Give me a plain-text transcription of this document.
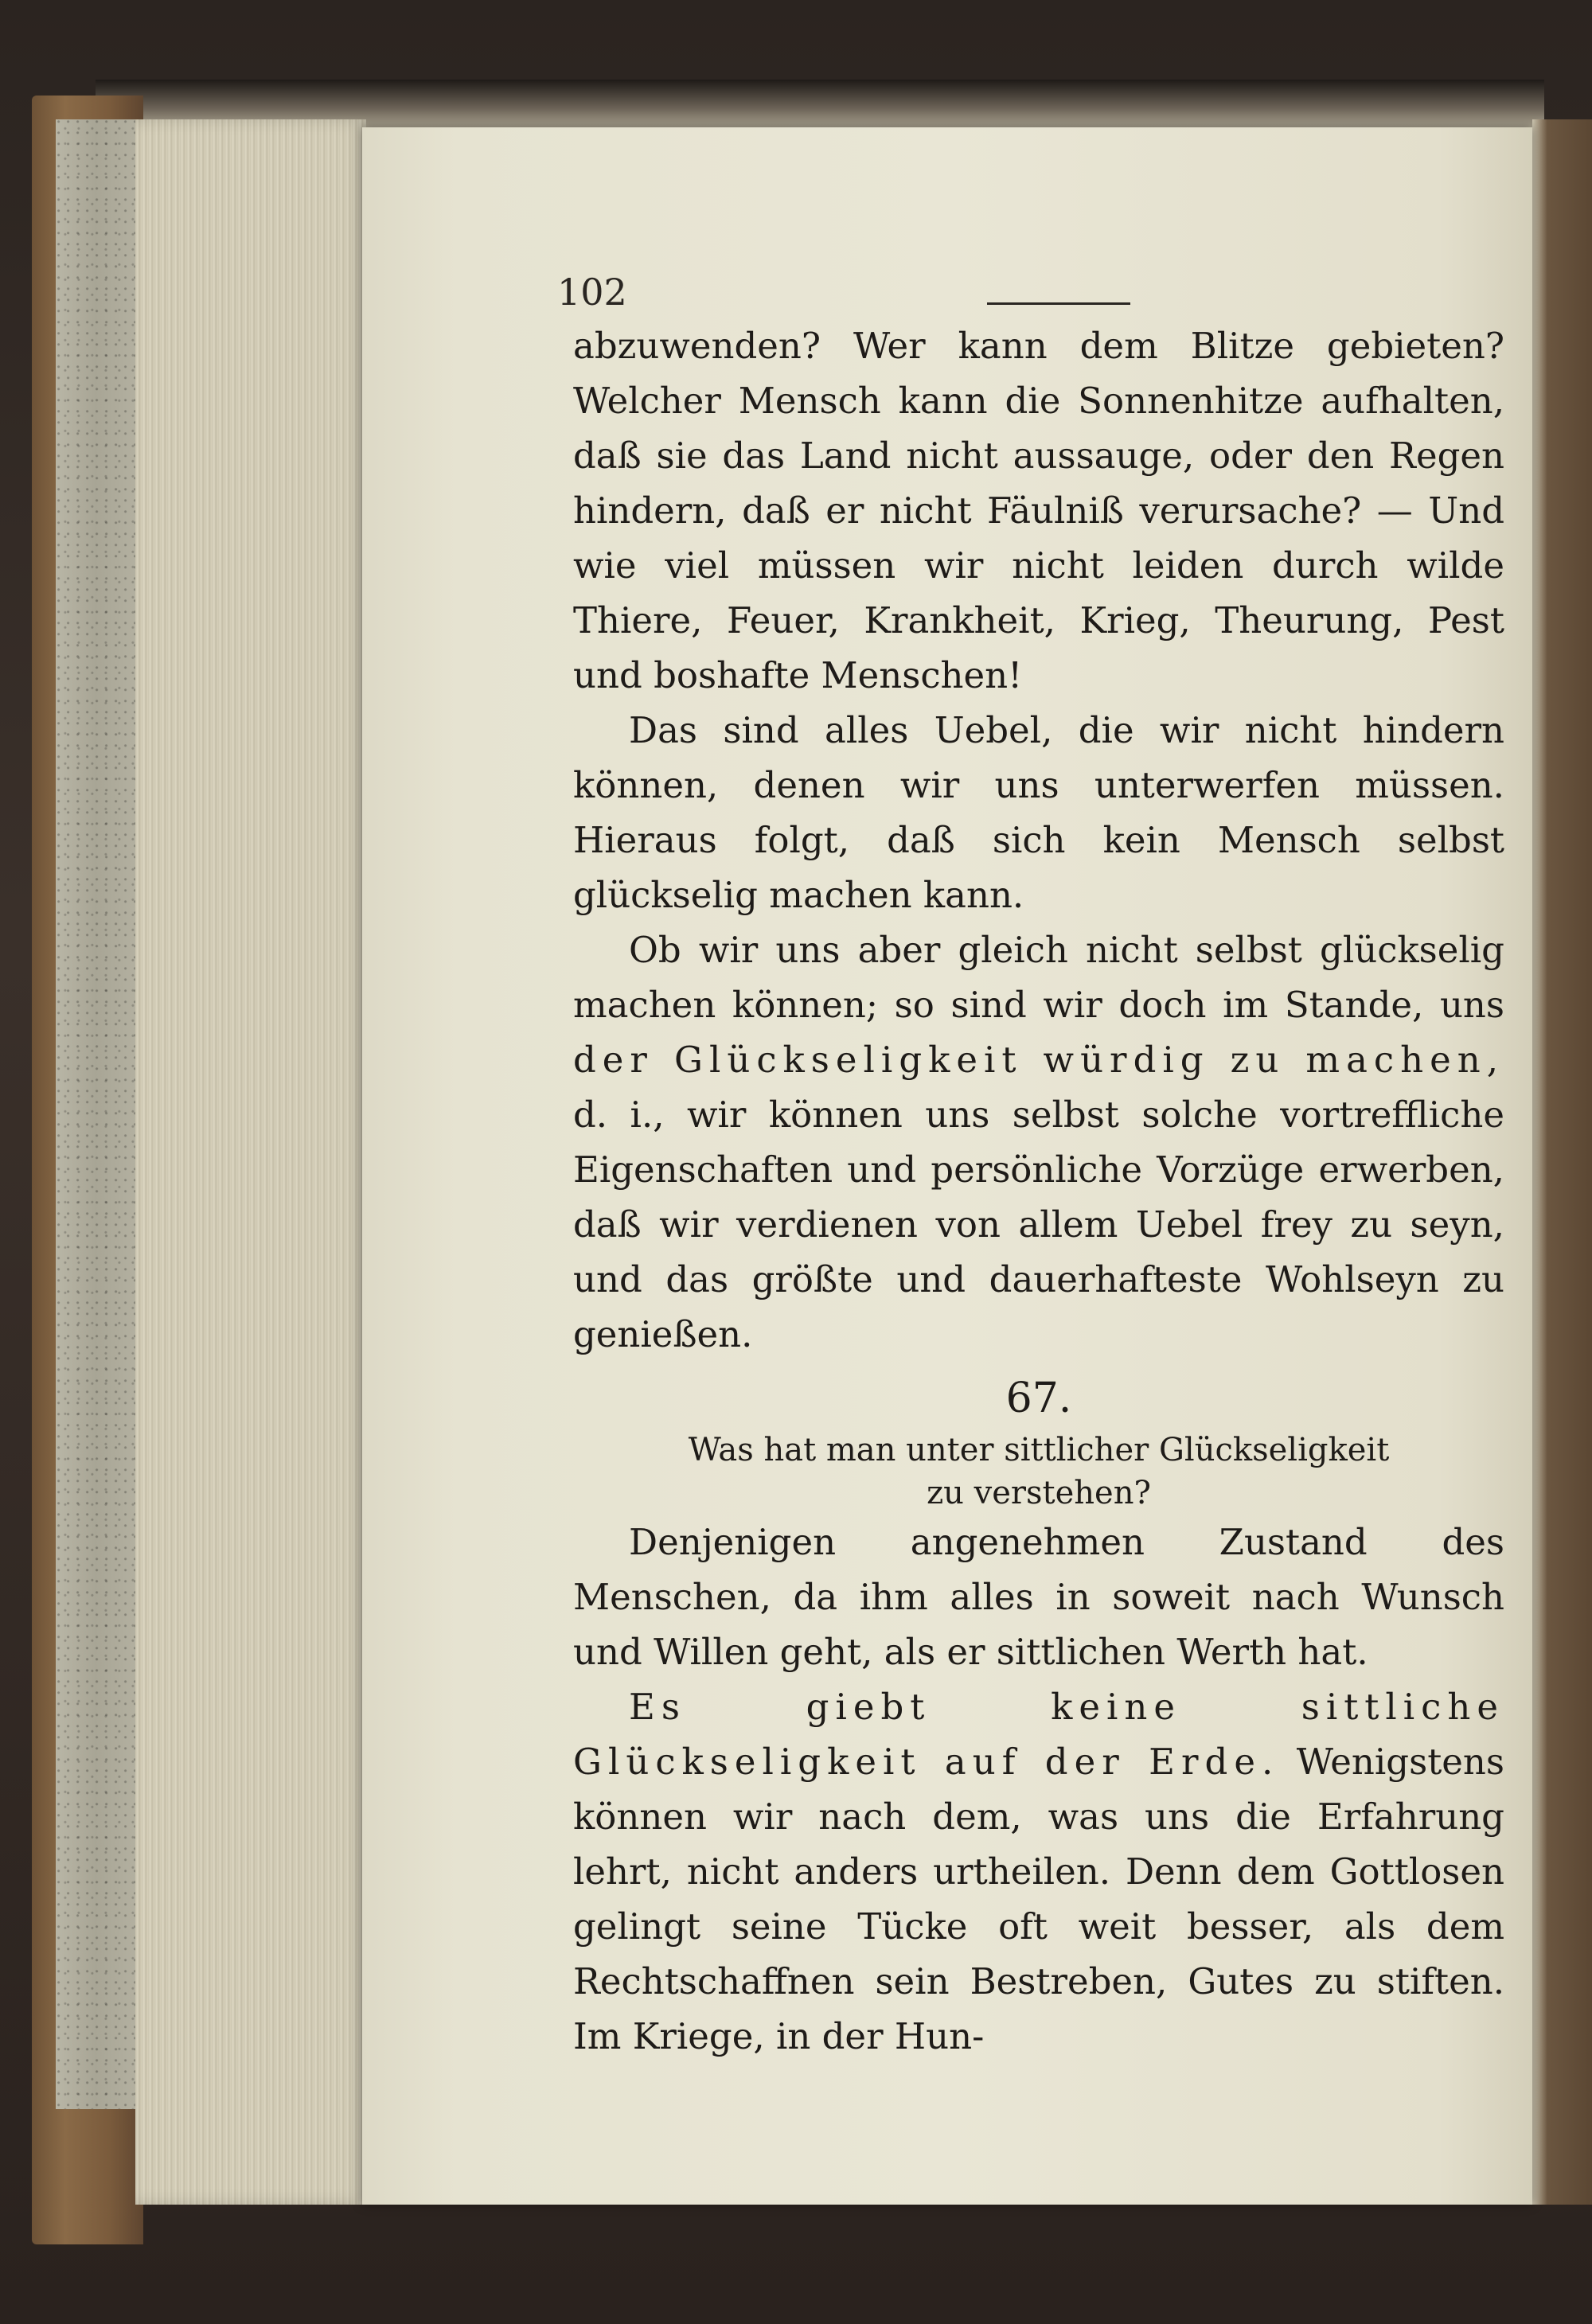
102

abzuwenden? Wer kann dem Blitze gebieten? Welcher Mensch kann die Sonnenhitze aufhalten, daß sie das Land nicht aussauge, oder den Regen hindern, daß er nicht Fäulniß verursache? — Und wie viel müssen wir nicht leiden durch wilde Thiere, Feuer, Krankheit, Krieg, Theurung, Pest und boshafte Menschen!

Das sind alles Uebel, die wir nicht hindern können, denen wir uns unterwerfen müssen. Hieraus folgt, daß sich kein Mensch selbst glückselig machen kann.

Ob wir uns aber gleich nicht selbst glückselig machen können; so sind wir doch im Stande, uns der Glückseligkeit würdig zu machen, d. i., wir können uns selbst solche vortreffliche Eigenschaften und persönliche Vorzüge erwerben, daß wir verdienen von allem Uebel frey zu seyn, und das größte und dauerhafteste Wohlseyn zu genießen.

67.
Was hat man unter sittlicher Glückseligkeit
zu verstehen?

Denjenigen angenehmen Zustand des Menschen, da ihm alles in soweit nach Wunsch und Willen geht, als er sittlichen Werth hat.

Es giebt keine sittliche Glückseligkeit auf der Erde. Wenigstens können wir nach dem, was uns die Erfahrung lehrt, nicht anders urtheilen. Denn dem Gottlosen gelingt seine Tücke oft weit besser, als dem Rechtschaffnen sein Bestreben, Gutes zu stiften. Im Kriege, in der Hun-
